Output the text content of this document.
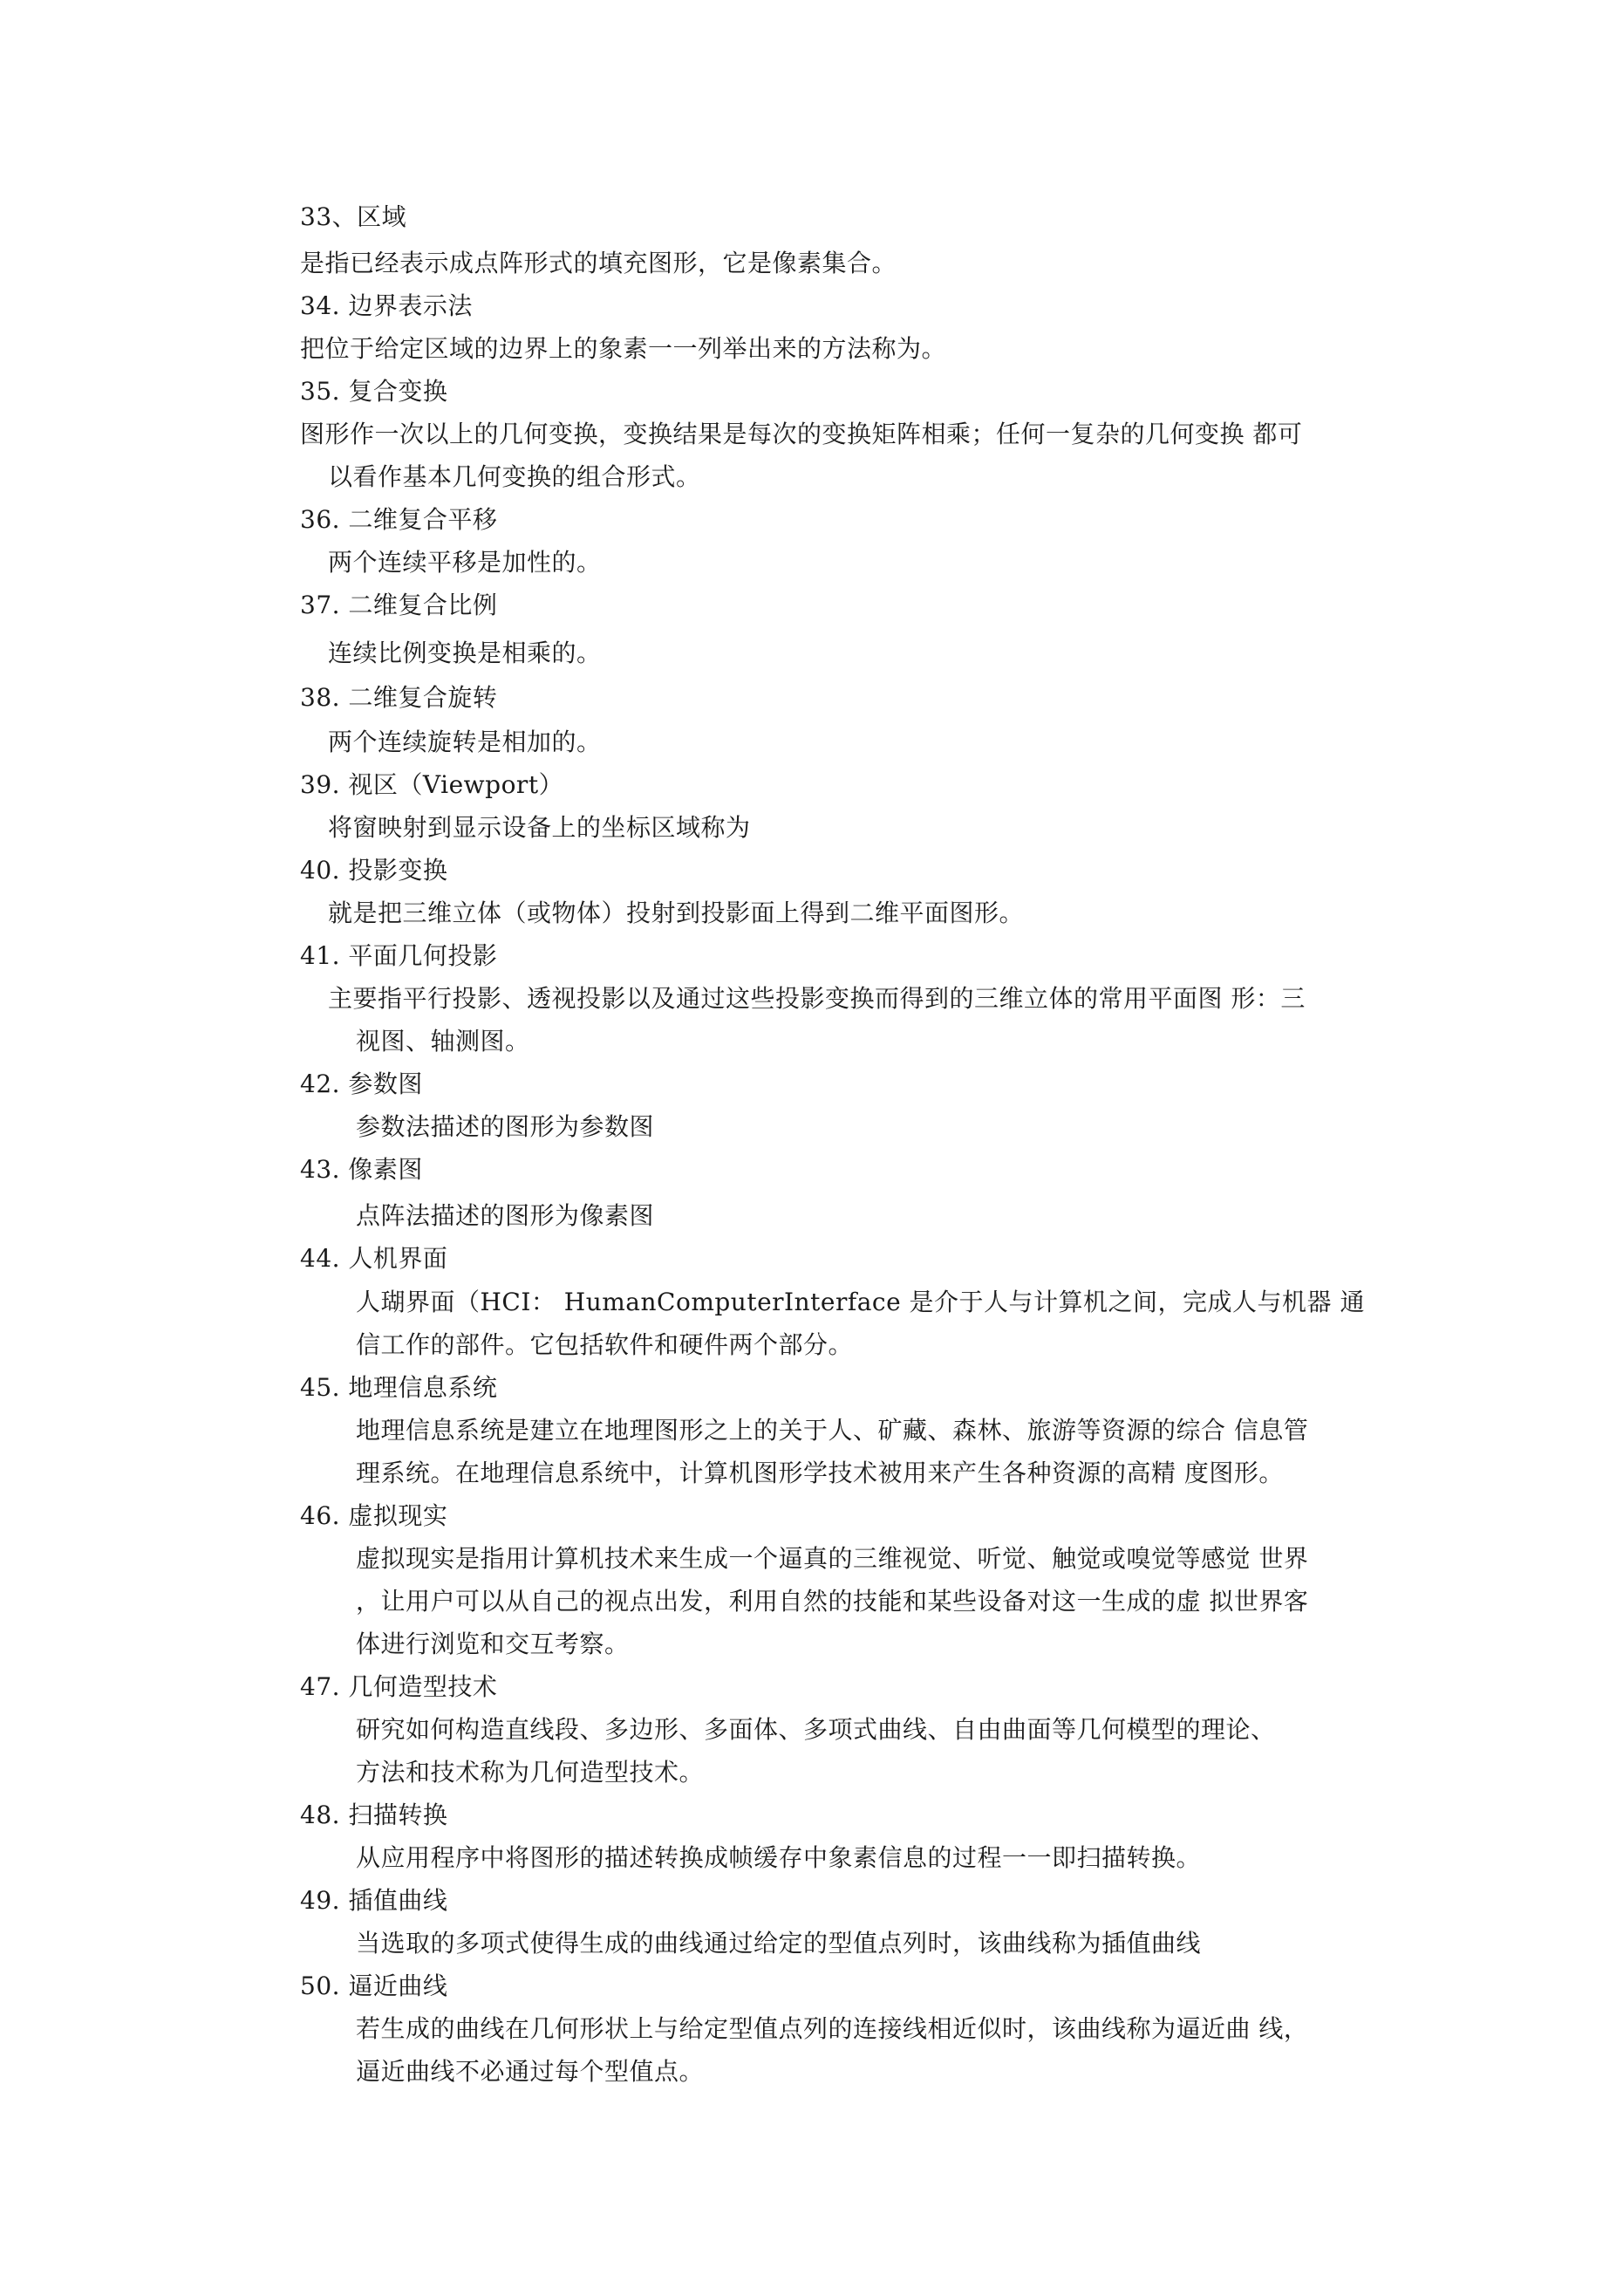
33、区域
是指已经表示成点阵形式的填充图形，它是像素集合。
34. 边界表示法
把位于给定区域的边界上的象素一一列举出来的方法称为。
35. 复合变换
图形作一次以上的几何变换，变换结果是每次的变换矩阵相乘；任何一复杂的几何变换 都可
以看作基本几何变换的组合形式。
36. 二维复合平移
两个连续平移是加性的。
37. 二维复合比例
连续比例变换是相乘的。
38. 二维复合旋转
两个连续旋转是相加的。
39. 视区（Viewport）
将窗映射到显示设备上的坐标区域称为
40. 投影变换
就是把三维立体（或物体）投射到投影面上得到二维平面图形。
41. 平面几何投影
主要指平行投影、透视投影以及通过这些投影变换而得到的三维立体的常用平面图 形：三
视图、轴测图。
42. 参数图
参数法描述的图形为参数图
43. 像素图
点阵法描述的图形为像素图
44. 人机界面
人瑚界面（HCI： HumanComputerInterface 是介于人与计算机之间，完成人与机器 通
信工作的部件。它包括软件和硬件两个部分。
45. 地理信息系统
地理信息系统是建立在地理图形之上的关于人、矿藏、森林、旅游等资源的综合 信息管
理系统。在地理信息系统中，计算机图形学技术被用来产生各种资源的高精 度图形。
46. 虚拟现实
虚拟现实是指用计算机技术来生成一个逼真的三维视觉、听觉、触觉或嗅觉等感觉 世界
，让用户可以从自己的视点出发，利用自然的技能和某些设备对这一生成的虚 拟世界客
体进行浏览和交互考察。
47. 几何造型技术
研究如何构造直线段、多边形、多面体、多项式曲线、自由曲面等几何模型的理论、
方法和技术称为几何造型技术。
48. 扫描转换
从应用程序中将图形的描述转换成帧缓存中象素信息的过程一一即扫描转换。
49. 插值曲线
当选取的多项式使得生成的曲线通过给定的型值点列时，该曲线称为插值曲线
50. 逼近曲线
若生成的曲线在几何形状上与给定型值点列的连接线相近似时，该曲线称为逼近曲 线，
逼近曲线不必通过每个型值点。
